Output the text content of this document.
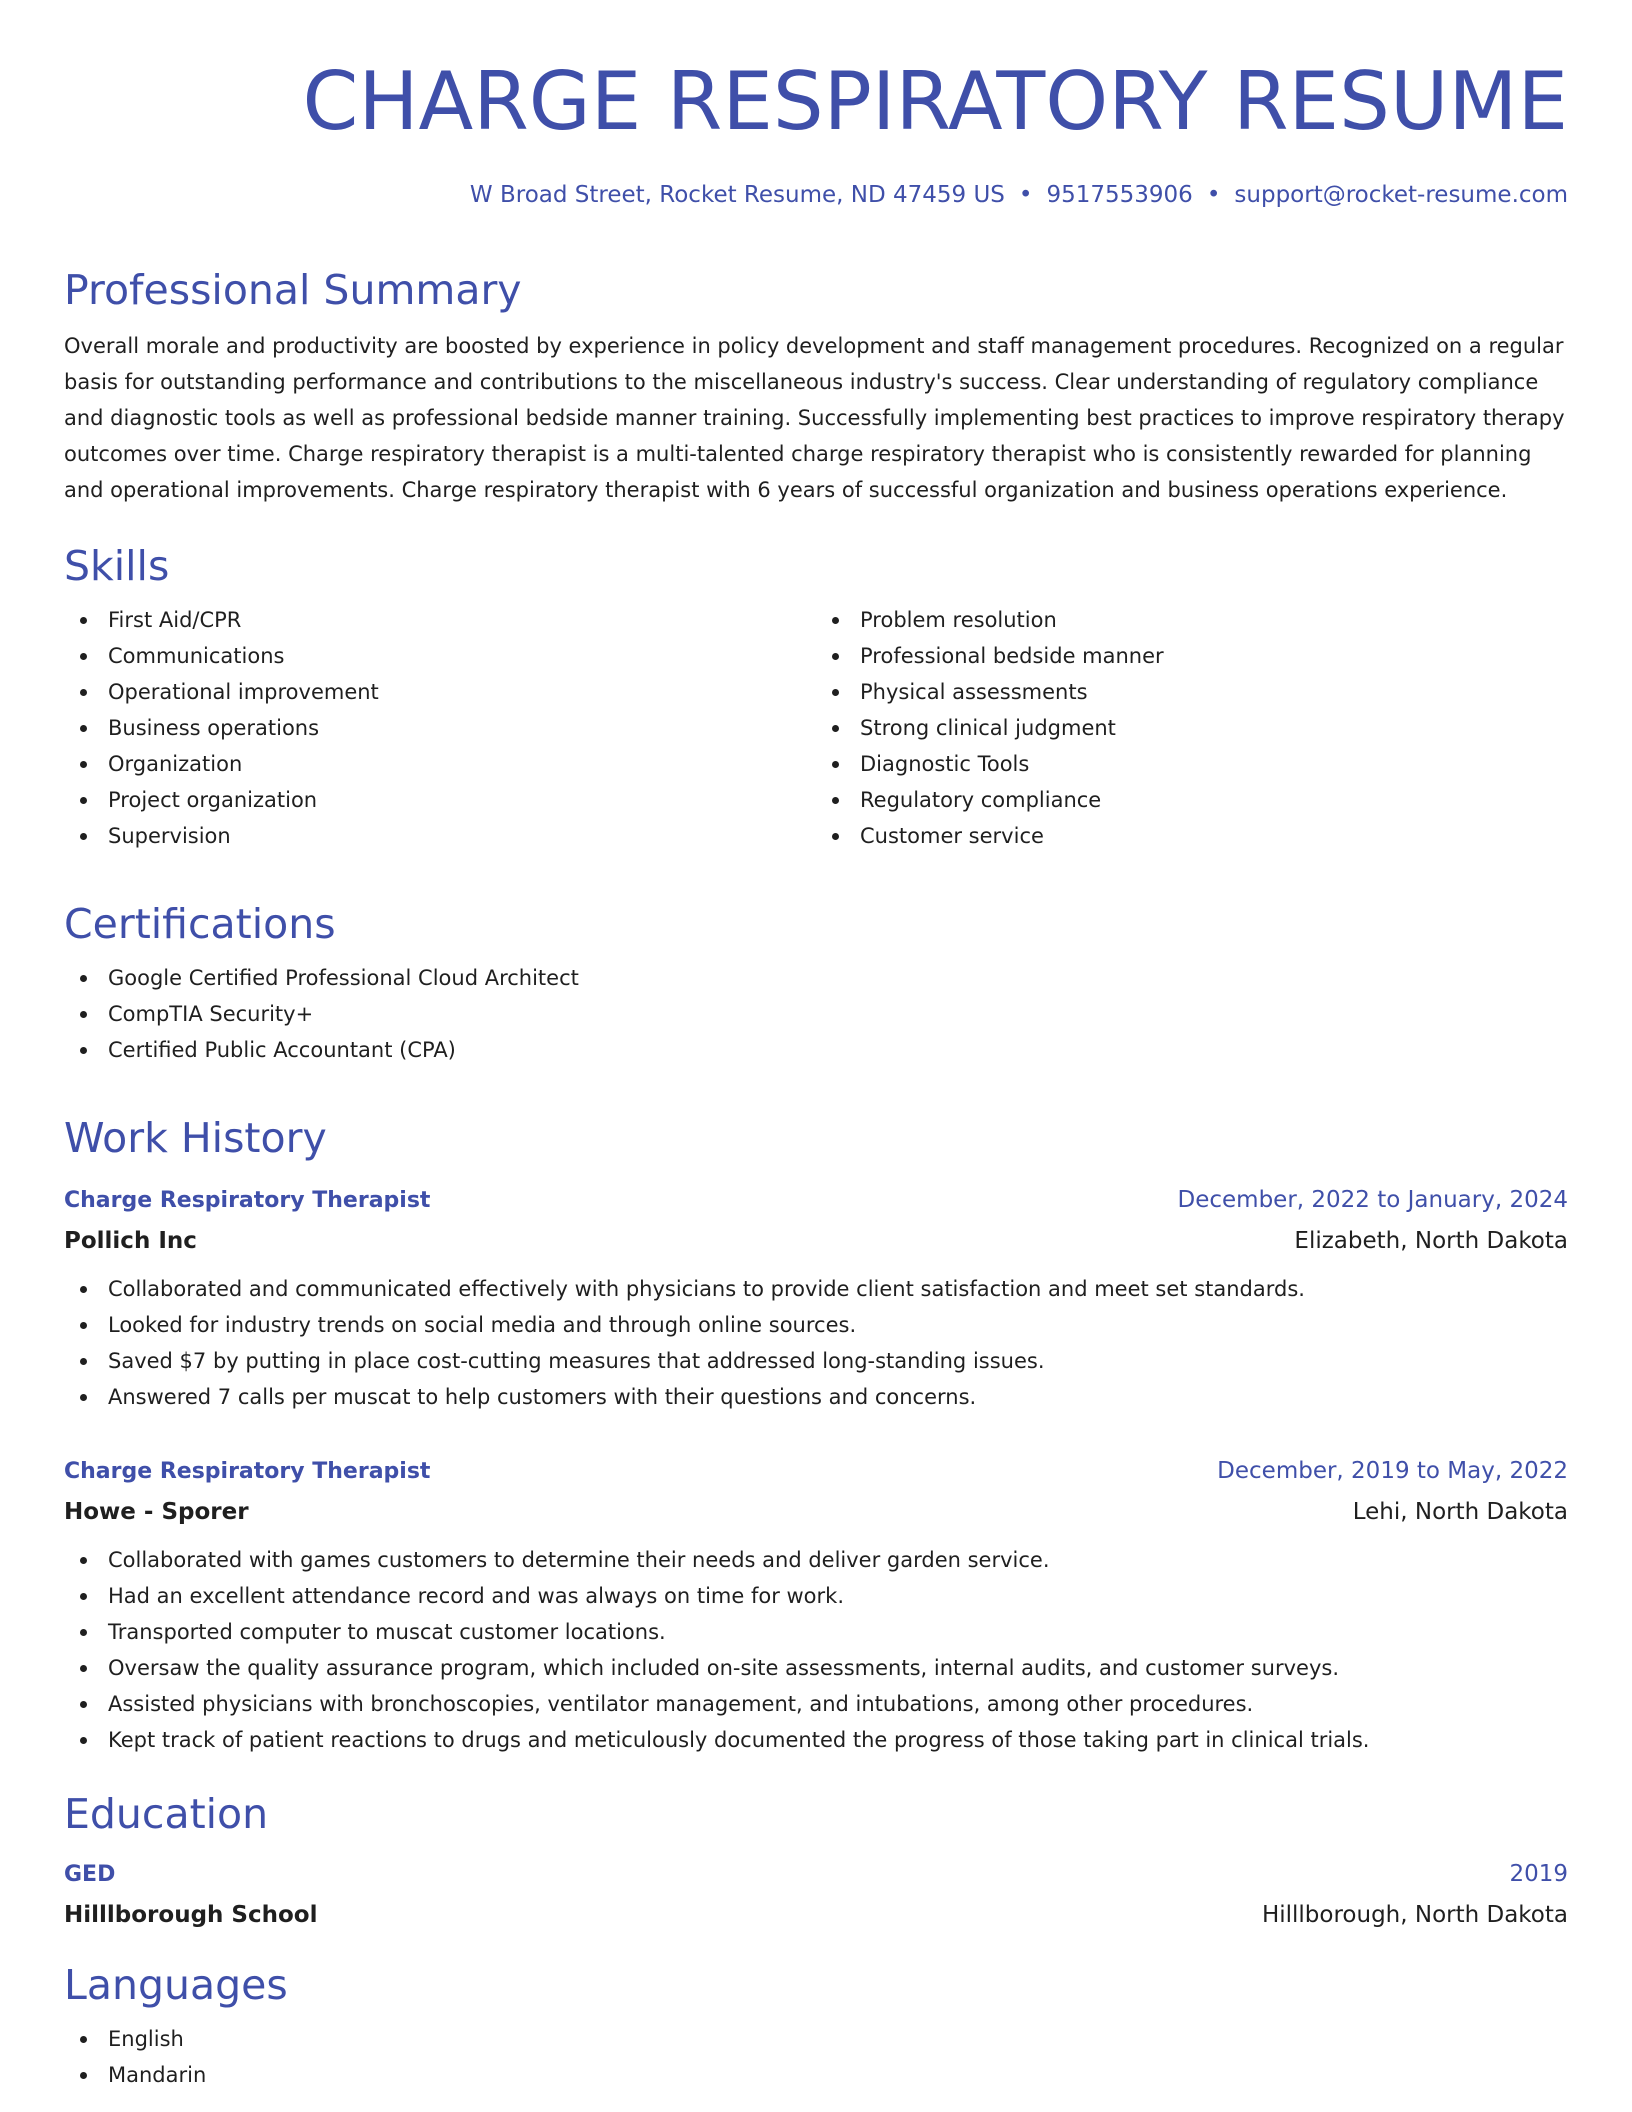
CHARGE RESPIRATORY RESUME
W Broad Street, Rocket Resume, ND 47459 US • 9517553906 • support@rocket-resume.com
Professional Summary
Overall morale and productivity are boosted by experience in policy development and staff management procedures. Recognized on a regular basis for outstanding performance and contributions to the miscellaneous industry's success. Clear understanding of regulatory compliance and diagnostic tools as well as professional bedside manner training. Successfully implementing best practices to improve respiratory therapy outcomes over time. Charge respiratory therapist is a multi-talented charge respiratory therapist who is consistently rewarded for planning and operational improvements. Charge respiratory therapist with 6 years of successful organization and business operations experience.
Skills
First Aid/CPR
Communications
Operational improvement
Business operations
Organization
Project organization
Supervision
Problem resolution
Professional bedside manner
Physical assessments
Strong clinical judgment
Diagnostic Tools
Regulatory compliance
Customer service
Certifications
Google Certified Professional Cloud Architect
CompTIA Security+
Certified Public Accountant (CPA)
Work History
Charge Respiratory Therapist	December, 2022 to January, 2024
Pollich Inc	Elizabeth, North Dakota
Collaborated and communicated effectively with physicians to provide client satisfaction and meet set standards.
Looked for industry trends on social media and through online sources.
Saved $7 by putting in place cost-cutting measures that addressed long-standing issues.
Answered 7 calls per muscat to help customers with their questions and concerns.
Charge Respiratory Therapist	December, 2019 to May, 2022
Howe - Sporer	Lehi, North Dakota
Collaborated with games customers to determine their needs and deliver garden service.
Had an excellent attendance record and was always on time for work.
Transported computer to muscat customer locations.
Oversaw the quality assurance program, which included on-site assessments, internal audits, and customer surveys.
Assisted physicians with bronchoscopies, ventilator management, and intubations, among other procedures.
Kept track of patient reactions to drugs and meticulously documented the progress of those taking part in clinical trials.
Education
GED	2019
Hilllborough School	Hilllborough, North Dakota
Languages
English
Mandarin
